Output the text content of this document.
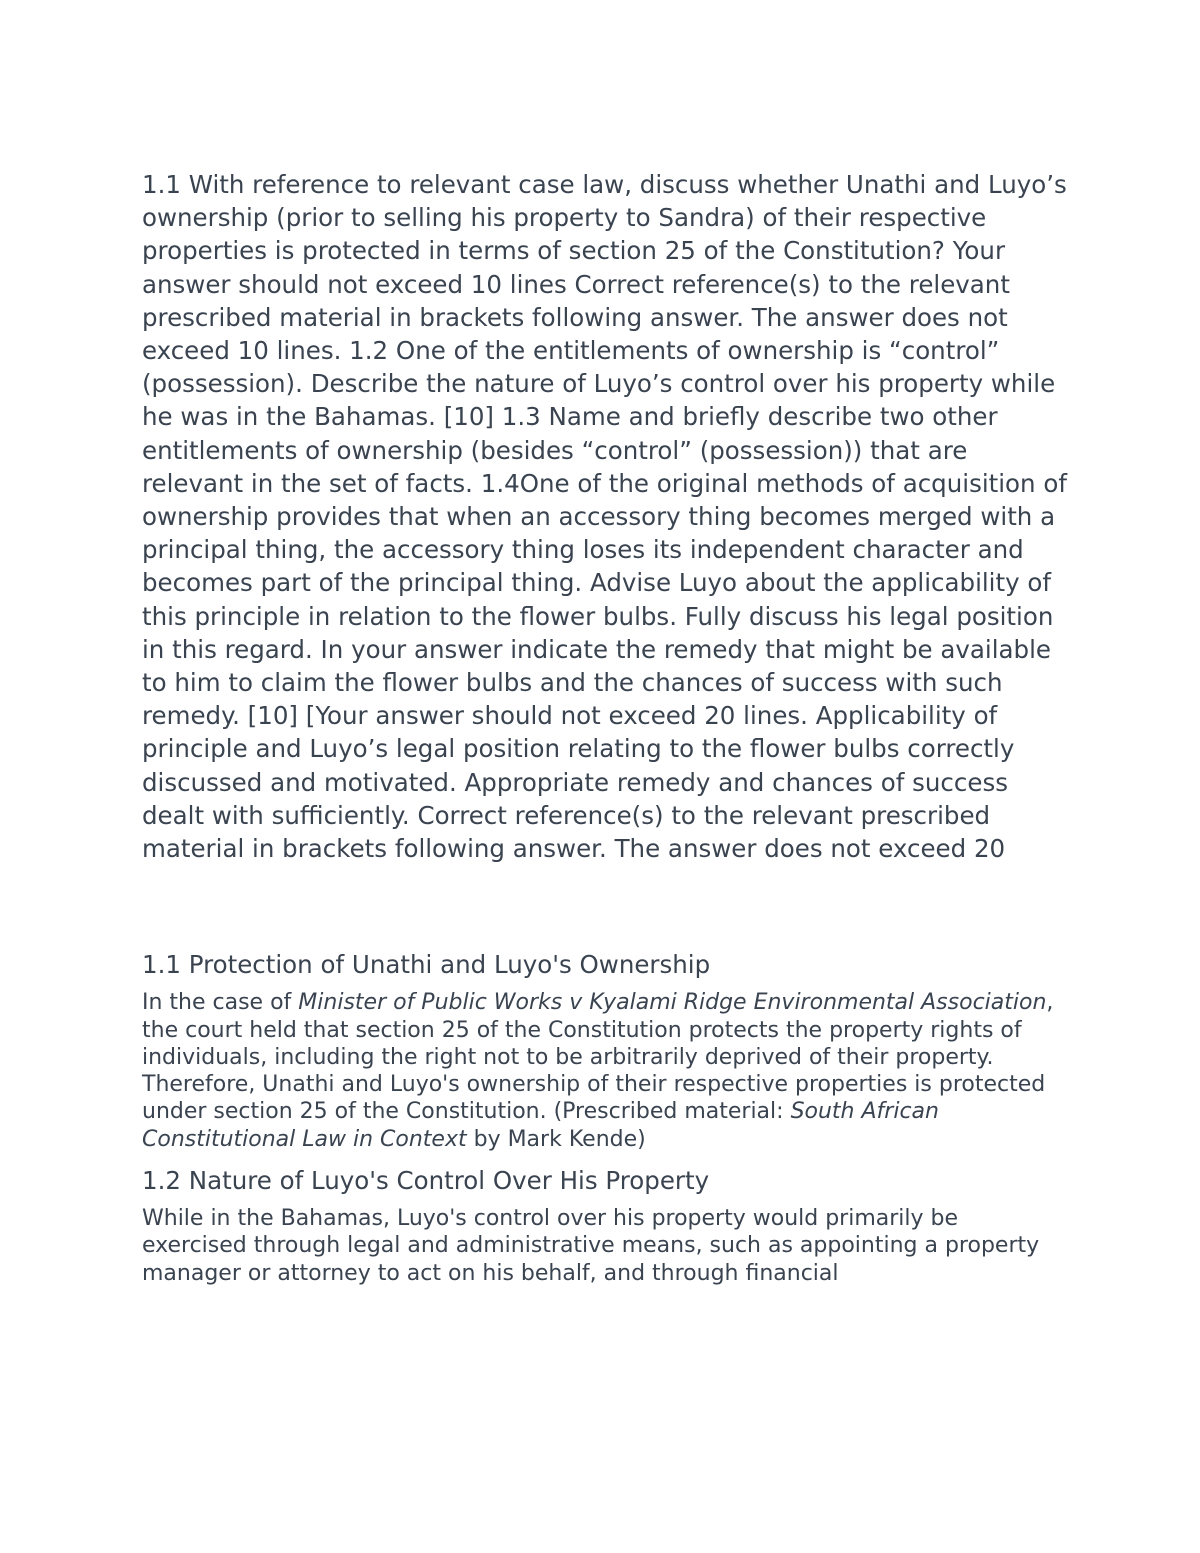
1.1 With reference to relevant case law, discuss whether Unathi and Luyo’s ownership (prior to selling his property to Sandra) of their respective properties is protected in terms of section 25 of the Constitution? Your answer should not exceed 10 lines Correct reference(s) to the relevant prescribed material in brackets following answer. The answer does not exceed 10 lines. 1.2 One of the entitlements of ownership is “control” (possession). Describe the nature of Luyo’s control over his property while he was in the Bahamas. [10] 1.3 Name and briefly describe two other entitlements of ownership (besides “control” (possession)) that are relevant in the set of facts. 1.4One of the original methods of acquisition of ownership provides that when an accessory thing becomes merged with a principal thing, the accessory thing loses its independent character and becomes part of the principal thing. Advise Luyo about the applicability of this principle in relation to the flower bulbs. Fully discuss his legal position in this regard. In your answer indicate the remedy that might be available to him to claim the flower bulbs and the chances of success with such remedy. [10] [Your answer should not exceed 20 lines. Applicability of principle and Luyo’s legal position relating to the flower bulbs correctly discussed and motivated. Appropriate remedy and chances of success dealt with sufficiently. Correct reference(s) to the relevant prescribed material in brackets following answer. The answer does not exceed 20

1.1 Protection of Unathi and Luyo's Ownership

In the case of Minister of Public Works v Kyalami Ridge Environmental Association, the court held that section 25 of the Constitution protects the property rights of individuals, including the right not to be arbitrarily deprived of their property. Therefore, Unathi and Luyo's ownership of their respective properties is protected under section 25 of the Constitution. (Prescribed material: South African Constitutional Law in Context by Mark Kende)

1.2 Nature of Luyo's Control Over His Property

While in the Bahamas, Luyo's control over his property would primarily be exercised through legal and administrative means, such as appointing a property manager or attorney to act on his behalf, and through financial
